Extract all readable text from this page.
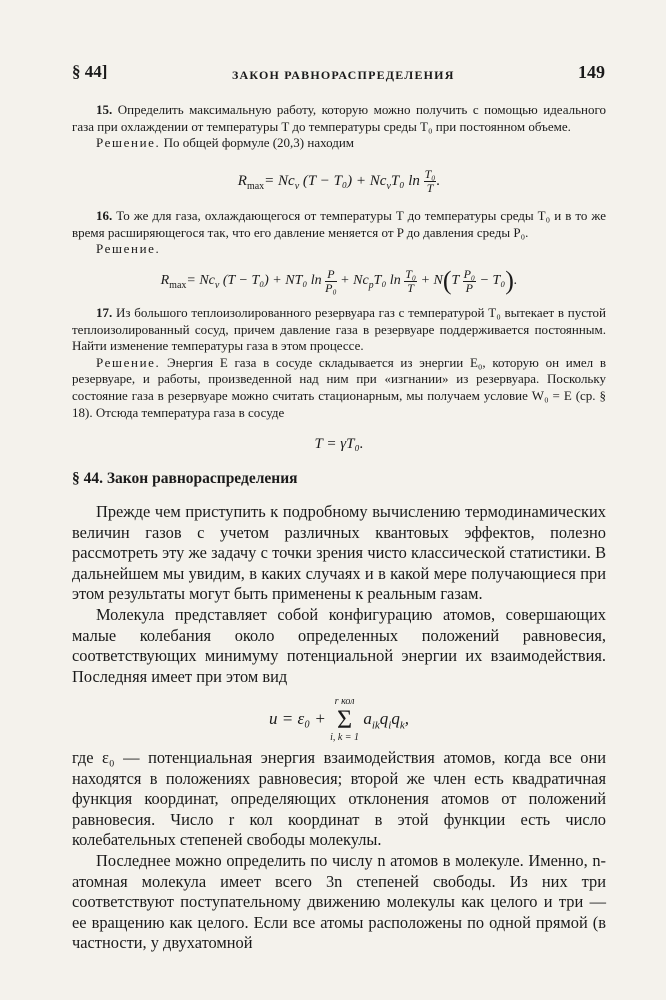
§ 44]	ЗАКОН РАВНОРАСПРЕДЕЛЕНИЯ	149

15. Определить максимальную работу, которую можно получить с помощью идеального газа при охлаждении от температуры T до температуры среды T₀ при постоянном объеме.

Решение. По общей формуле (20,3) находим

$R_{max}= Nc_v$ $(T - T_0) + Nc_vT_0$ $\ln \frac{\text{T₀}}{T}$ .

16. То же для газа, охлаждающегося от температуры T до температуры среды T₀ и в то же время расширяющегося так, что его давление меняется от P до давления среды P₀.

Решение.

$R_{max}= Nc_v$ (T − T₀) + NT₀ $\ln \frac{P}{\text{P₀}} + Nc_pT_0$ $\ln \frac{\text{T₀}}{T} + N(T \frac{\text{P₀}}{P} - T_0)$.

17. Из большого теплоизолированного резервуара газ с температурой T₀ вытекает в пустой теплоизолированный сосуд, причем давление газа в резервуаре поддерживается постоянным. Найти изменение температуры газа в этом процессе.

Решение. Энергия E газа в сосуде складывается из энергии E₀, которую он имел в резервуаре, и работы, произведенной над ним при «изгнании» из резервуара. Поскольку состояние газа в резервуаре можно считать стационарным, мы получаем условие W₀ = E (ср. § 18). Отсюда температура газа в сосуде

T = γT₀.
§ 44. Закон равнораспределения

Прежде чем приступить к подробному вычислению термодинамических величин газов с учетом различных квантовых эффектов, полезно рассмотреть эту же задачу с точки зрения чисто классической статистики. В дальнейшем мы увидим, в каких случаях и в какой мере получающиеся при этом результаты могут быть применены к реальным газам.

Молекула представляет собой конфигурацию атомов, совершающих малые колебания около определенных положений равновесия, соответствующих минимуму потенциальной энергии их взаимодействия. Последняя имеет при этом вид

u = ε₀ +
r кол
Σ
i, k = 1
$a_{ik}q_iq_k$,

где ε₀ — потенциальная энергия взаимодействия атомов, когда все они находятся в положениях равновесия; второй же член есть квадратичная функция координат, определяющих отклонения атомов от положений равновесия. Число r кол координат в этой функции есть число колебательных степеней свободы молекулы.

Последнее можно определить по числу n атомов в молекуле. Именно, n-атомная молекула имеет всего 3n степеней свободы. Из них три соответствуют поступательному движению молекулы как целого и три — ее вращению как целого. Если все атомы расположены по одной прямой (в частности, у двухатомной
